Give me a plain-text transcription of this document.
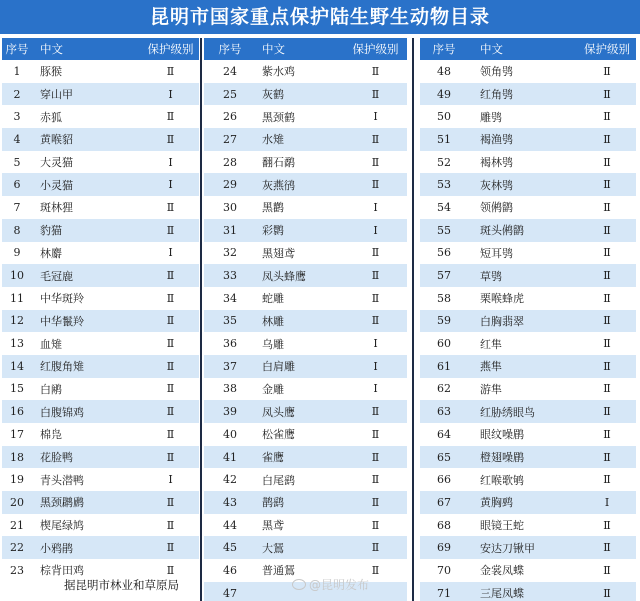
昆明市国家重点保护陆生野生动物目录
序号	中文	保护级别
1	豚猴	Ⅱ
2	穿山甲	Ⅰ
3	赤狐	Ⅱ
4	黄喉貂	Ⅱ
5	大灵猫	Ⅰ
6	小灵猫	Ⅰ
7	斑林狸	Ⅱ
8	豹猫	Ⅱ
9	林麝	Ⅰ
10	毛冠鹿	Ⅱ
11	中华斑羚	Ⅱ
12	中华鬣羚	Ⅱ
13	血雉	Ⅱ
14	红腹角雉	Ⅱ
15	白鹇	Ⅱ
16	白腹锦鸡	Ⅱ
17	棉凫	Ⅱ
18	花脸鸭	Ⅱ
19	青头潜鸭	Ⅰ
20	黑颈䴙䴘	Ⅱ
21	楔尾绿鸠	Ⅱ
22	小鸦鹃	Ⅱ
23	棕背田鸡	Ⅱ
序号	中文	保护级别
24	紫水鸡	Ⅱ
25	灰鹤	Ⅱ
26	黑颈鹤	Ⅰ
27	水雉	Ⅱ
28	翻石鹬	Ⅱ
29	灰燕鸻	Ⅱ
30	黑鹳	Ⅰ
31	彩鹮	Ⅰ
32	黑翅鸢	Ⅱ
33	凤头蜂鹰	Ⅱ
34	蛇雕	Ⅱ
35	林雕	Ⅱ
36	乌雕	Ⅰ
37	白肩雕	Ⅰ
38	金雕	Ⅰ
39	凤头鹰	Ⅱ
40	松雀鹰	Ⅱ
41	雀鹰	Ⅱ
42	白尾鹞	Ⅱ
43	鹊鹞	Ⅱ
44	黑鸢	Ⅱ
45	大鵟	Ⅱ
46	普通鵟	Ⅱ
47
序号	中文	保护级别
48	领角鸮	Ⅱ
49	红角鸮	Ⅱ
50	雕鸮	Ⅱ
51	褐渔鸮	Ⅱ
52	褐林鸮	Ⅱ
53	灰林鸮	Ⅱ
54	领鸺鹠	Ⅱ
55	斑头鸺鹠	Ⅱ
56	短耳鸮	Ⅱ
57	草鸮	Ⅱ
58	栗喉蜂虎	Ⅱ
59	白胸翡翠	Ⅱ
60	红隼	Ⅱ
61	燕隼	Ⅱ
62	游隼	Ⅱ
63	红胁绣眼鸟	Ⅱ
64	眼纹噪鹛	Ⅱ
65	橙翅噪鹛	Ⅱ
66	红喉歌鸲	Ⅱ
67	黄胸鹀	Ⅰ
68	眼镜王蛇	Ⅱ
69	安达刀锹甲	Ⅱ
70	金裳凤蝶	Ⅱ
71	三尾凤蝶	Ⅱ
据昆明市林业和草原局	@昆明发布
